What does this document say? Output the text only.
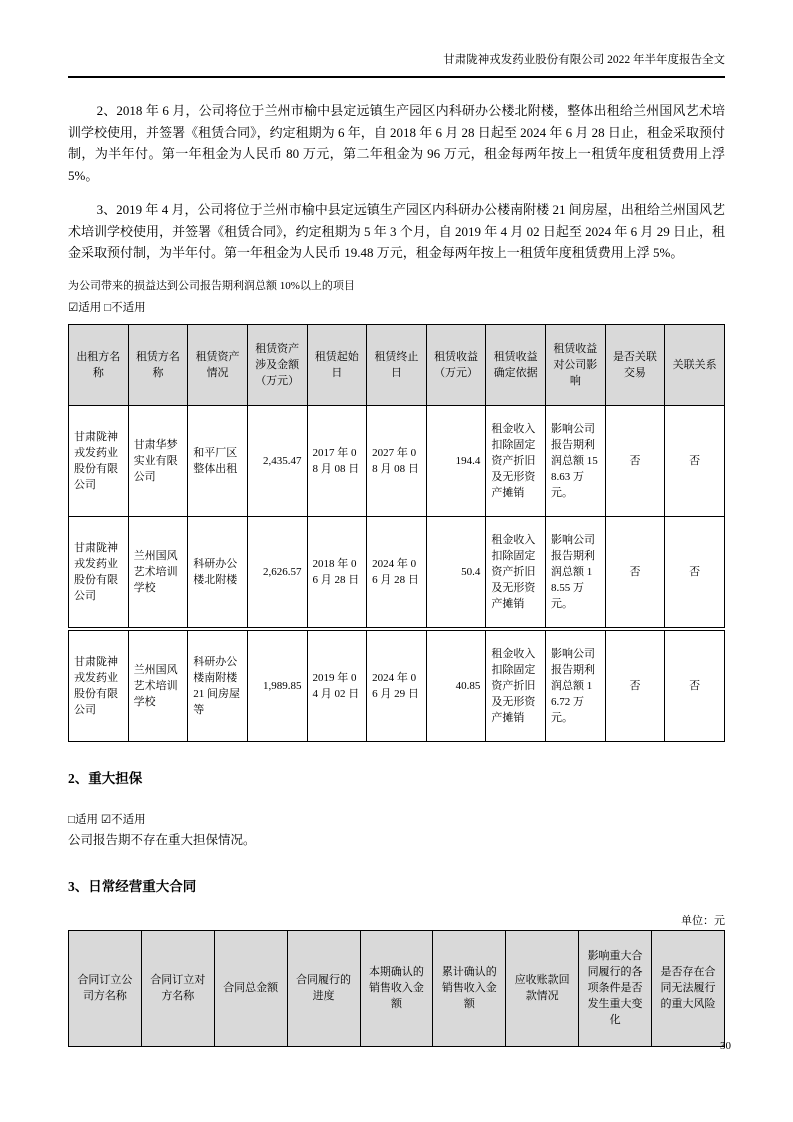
甘肃陇神戎发药业股份有限公司 2022 年半年度报告全文

2、2018 年 6 月，公司将位于兰州市榆中县定远镇生产园区内科研办公楼北附楼，整体出租给兰州国风艺术培训学校使用，并签署《租赁合同》，约定租期为 6 年，自 2018 年 6 月 28 日起至 2024 年 6 月 28 日止，租金采取预付制，为半年付。第一年租金为人民币 80 万元，第二年租金为 96 万元，租金每两年按上一租赁年度租赁费用上浮 5%。

3、2019 年 4 月，公司将位于兰州市榆中县定远镇生产园区内科研办公楼南附楼 21 间房屋，出租给兰州国风艺术培训学校使用，并签署《租赁合同》，约定租期为 5 年 3 个月，自 2019 年 4 月 02 日起至 2024 年 6 月 29 日止，租金采取预付制，为半年付。第一年租金为人民币 19.48 万元，租金每两年按上一租赁年度租赁费用上浮 5%。

为公司带来的损益达到公司报告期利润总额 10%以上的项目
☑适用 □不适用
出租方名称	租赁方名称	租赁资产情况	租赁资产涉及金额（万元）	租赁起始日	租赁终止日	租赁收益（万元）	租赁收益确定依据	租赁收益对公司影响	是否关联交易	关联关系
甘肃陇神戎发药业股份有限公司	甘肃华梦实业有限公司	和平厂区整体出租	2,435.47	2017 年 08 月 08 日	2027 年 08 月 08 日	194.4	租金收入扣除固定资产折旧及无形资产摊销	影响公司报告期利润总额 158.63 万元。	否	否
甘肃陇神戎发药业股份有限公司	兰州国风艺术培训学校	科研办公楼北附楼	2,626.57	2018 年 06 月 28 日	2024 年 06 月 28 日	50.4	租金收入扣除固定资产折旧及无形资产摊销	影响公司报告期利润总额 18.55 万元。	否	否
甘肃陇神戎发药业股份有限公司	兰州国风艺术培训学校	科研办公楼南附楼 21 间房屋等	1,989.85	2019 年 04 月 02 日	2024 年 06 月 29 日	40.85	租金收入扣除固定资产折旧及无形资产摊销	影响公司报告期利润总额 16.72 万元。	否	否
2、重大担保
□适用 ☑不适用

公司报告期不存在重大担保情况。

3、日常经营重大合同
单位：元
合同订立公司方名称	合同订立对方名称	合同总金额	合同履行的进度	本期确认的销售收入金额	累计确认的销售收入金额	应收账款回款情况	影响重大合同履行的各项条件是否发生重大变化	是否存在合同无法履行的重大风险
30
